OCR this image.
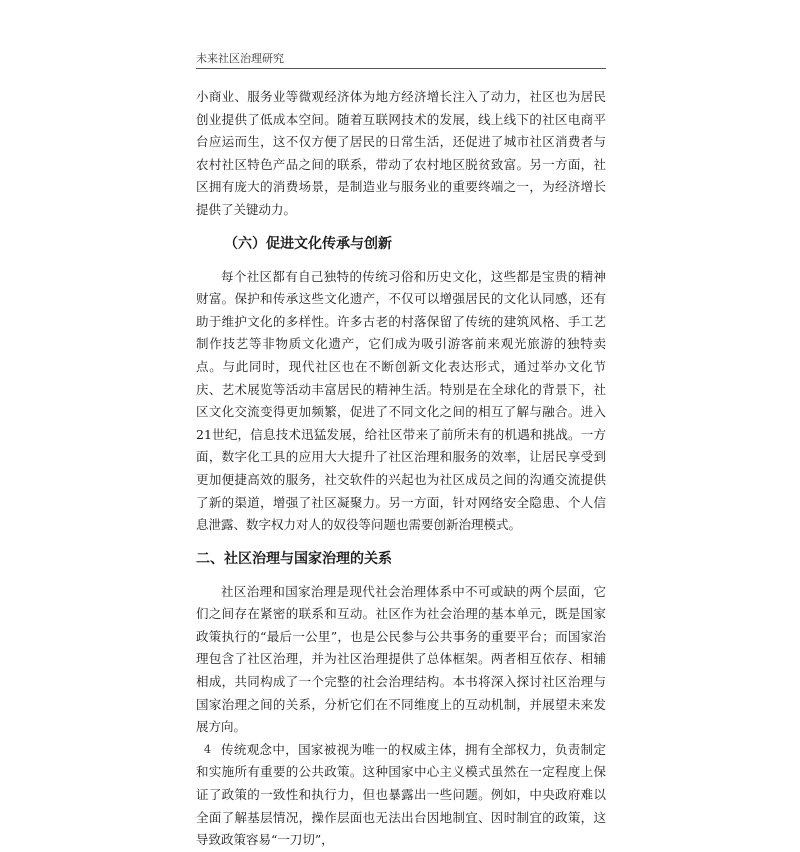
未来社区治理研究

小商业、服务业等微观经济体为地方经济增长注入了动力，社区也为居民创业提供了低成本空间。随着互联网技术的发展，线上线下的社区电商平台应运而生，这不仅方便了居民的日常生活，还促进了城市社区消费者与农村社区特色产品之间的联系，带动了农村地区脱贫致富。另一方面，社区拥有庞大的消费场景，是制造业与服务业的重要终端之一，为经济增长提供了关键动力。

（六）促进文化传承与创新

每个社区都有自己独特的传统习俗和历史文化，这些都是宝贵的精神财富。保护和传承这些文化遗产，不仅可以增强居民的文化认同感，还有助于维护文化的多样性。许多古老的村落保留了传统的建筑风格、手工艺制作技艺等非物质文化遗产，它们成为吸引游客前来观光旅游的独特卖点。与此同时，现代社区也在不断创新文化表达形式，通过举办文化节庆、艺术展览等活动丰富居民的精神生活。特别是在全球化的背景下，社区文化交流变得更加频繁，促进了不同文化之间的相互了解与融合。进入21世纪，信息技术迅猛发展，给社区带来了前所未有的机遇和挑战。一方面，数字化工具的应用大大提升了社区治理和服务的效率，让居民享受到更加便捷高效的服务，社交软件的兴起也为社区成员之间的沟通交流提供了新的渠道，增强了社区凝聚力。另一方面，针对网络安全隐患、个人信息泄露、数字权力对人的奴役等问题也需要创新治理模式。

二、社区治理与国家治理的关系

社区治理和国家治理是现代社会治理体系中不可或缺的两个层面，它们之间存在紧密的联系和互动。社区作为社会治理的基本单元，既是国家政策执行的“最后一公里”，也是公民参与公共事务的重要平台；而国家治理包含了社区治理，并为社区治理提供了总体框架。两者相互依存、相辅相成，共同构成了一个完整的社会治理结构。本书将深入探讨社区治理与国家治理之间的关系，分析它们在不同维度上的互动机制，并展望未来发展方向。

传统观念中，国家被视为唯一的权威主体，拥有全部权力，负责制定和实施所有重要的公共政策。这种国家中心主义模式虽然在一定程度上保证了政策的一致性和执行力，但也暴露出一些问题。例如，中央政府难以全面了解基层情况，操作层面也无法出台因地制宜、因时制宜的政策，这导致政策容易“一刀切”，

4
